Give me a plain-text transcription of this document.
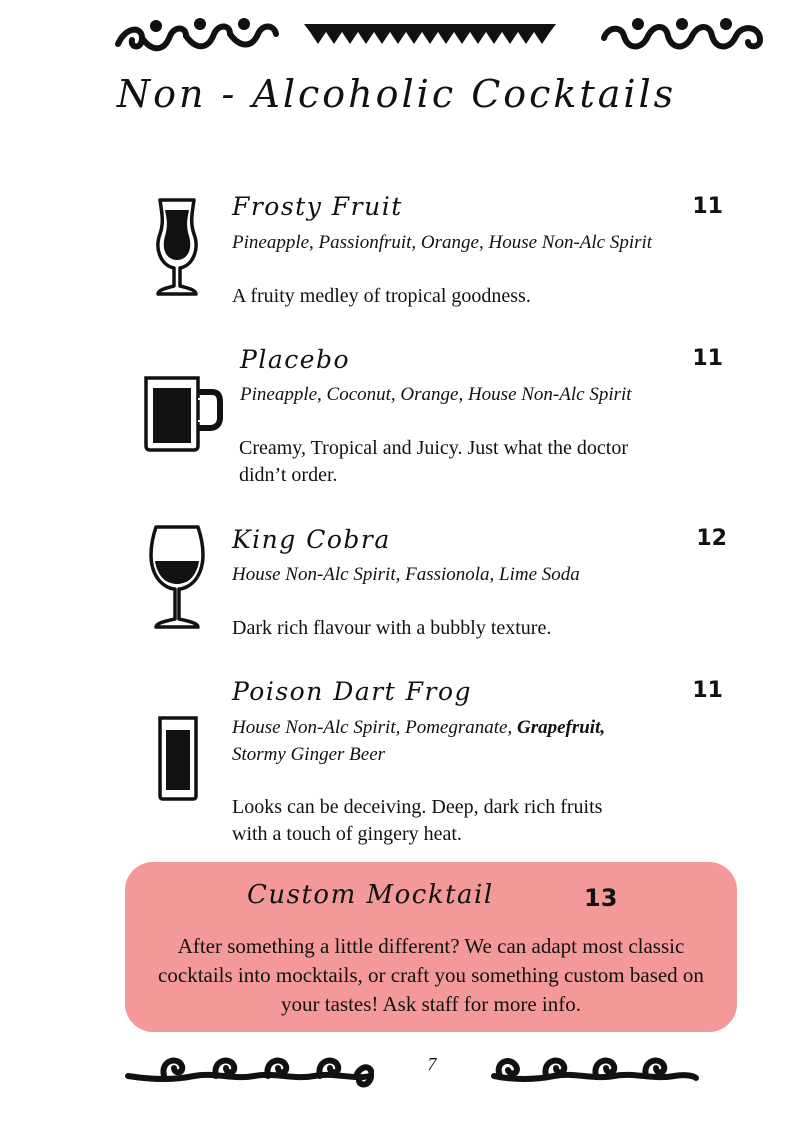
Non - Alcoholic Cocktails
Frosty Fruit
Pineapple, Passionfruit, Orange, House Non-Alc Spirit
A fruity medley of tropical goodness.
11
Placebo
Pineapple, Coconut, Orange, House Non-Alc Spirit
Creamy, Tropical and Juicy. Just what the doctor
didn’t order.
11
King Cobra
House Non-Alc Spirit, Fassionola, Lime Soda
Dark rich flavour with a bubbly texture.
12
Poison Dart Frog
House Non-Alc Spirit, Pomegranate, Grapefruit,
Stormy Ginger Beer
Looks can be deceiving. Deep, dark rich fruits
with a touch of gingery heat.
11
Custom Mocktail	13
After something a little different? We can adapt most classic
cocktails into mocktails, or craft you something custom based on
your tastes! Ask staff for more info.
7
